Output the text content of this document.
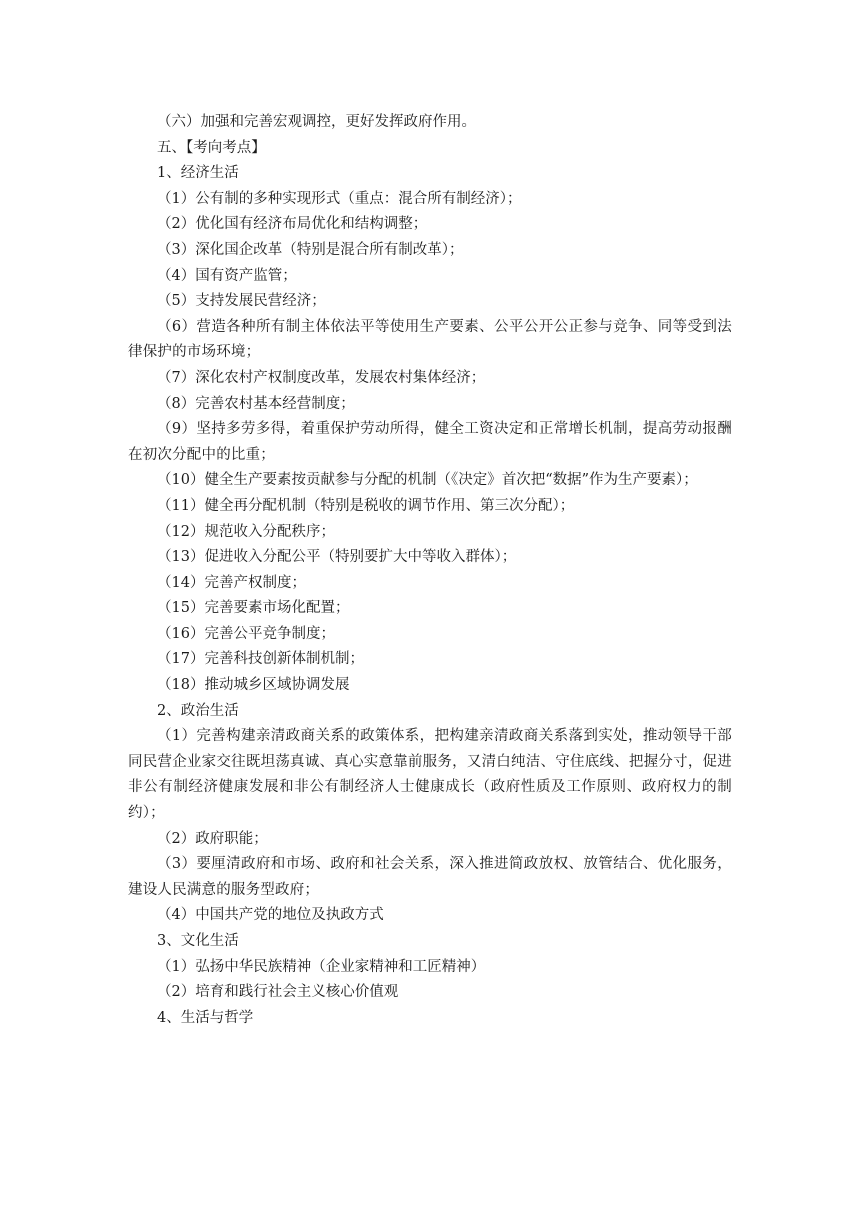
（六）加强和完善宏观调控，更好发挥政府作用。
五、【考向考点】
1、经济生活
（1）公有制的多种实现形式（重点：混合所有制经济）；
（2）优化国有经济布局优化和结构调整；
（3）深化国企改革（特别是混合所有制改革）；
（4）国有资产监管；
（5）支持发展民营经济；
（6）营造各种所有制主体依法平等使用生产要素、公平公开公正参与竞争、同等受到法律保护的市场环境；
（7）深化农村产权制度改革，发展农村集体经济；
（8）完善农村基本经营制度；
（9）坚持多劳多得，着重保护劳动所得，健全工资决定和正常增长机制，提高劳动报酬在初次分配中的比重；
（10）健全生产要素按贡献参与分配的机制（《决定》首次把“数据”作为生产要素）；
（11）健全再分配机制（特别是税收的调节作用、第三次分配）；
（12）规范收入分配秩序；
（13）促进收入分配公平（特别要扩大中等收入群体）；
（14）完善产权制度；
（15）完善要素市场化配置；
（16）完善公平竞争制度；
（17）完善科技创新体制机制；
（18）推动城乡区域协调发展
2、政治生活
（1）完善构建亲清政商关系的政策体系，把构建亲清政商关系落到实处，推动领导干部同民营企业家交往既坦荡真诚、真心实意靠前服务，又清白纯洁、守住底线、把握分寸，促进非公有制经济健康发展和非公有制经济人士健康成长（政府性质及工作原则、政府权力的制约）；
（2）政府职能；
（3）要厘清政府和市场、政府和社会关系，深入推进简政放权、放管结合、优化服务，建设人民满意的服务型政府；
（4）中国共产党的地位及执政方式
3、文化生活
（1）弘扬中华民族精神（企业家精神和工匠精神）
（2）培育和践行社会主义核心价值观
4、生活与哲学
